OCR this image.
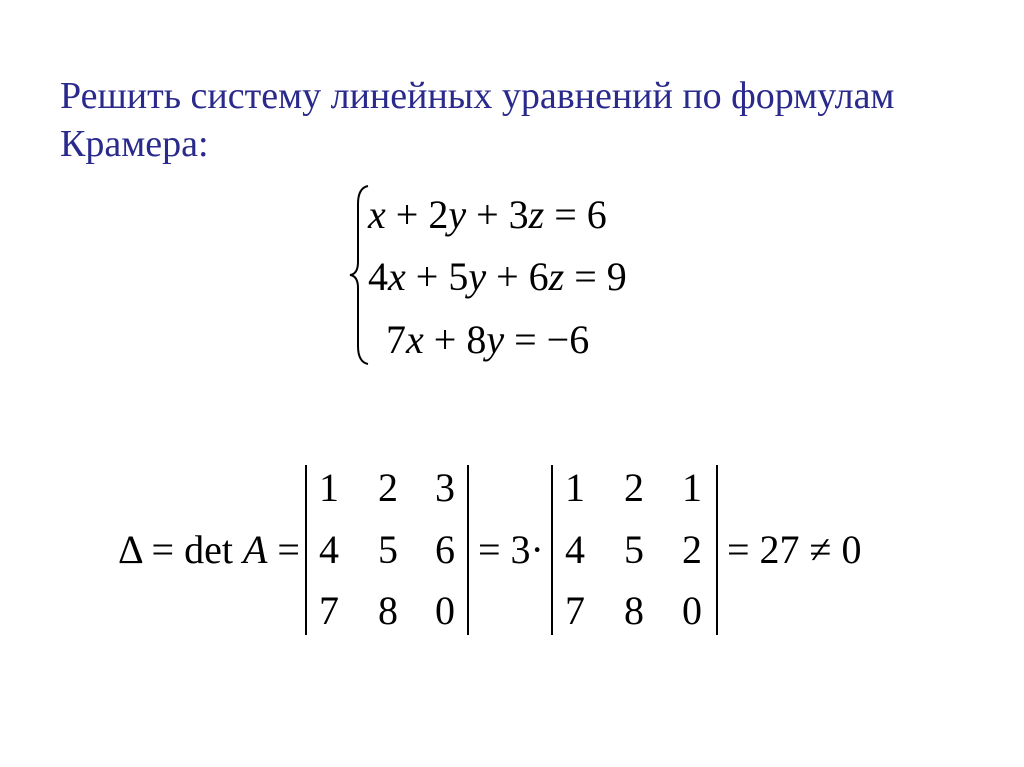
Решить систему линейных уравнений по формулам
Крамера:
x + 2y + 3z = 6
4x + 5y + 6z = 9
7x + 8y = −6
Δ = det A =
1 2 3
4 5 6
7 8 0
= 3·
1 2 1
4 5 2
7 8 0
= 27 ≠ 0
